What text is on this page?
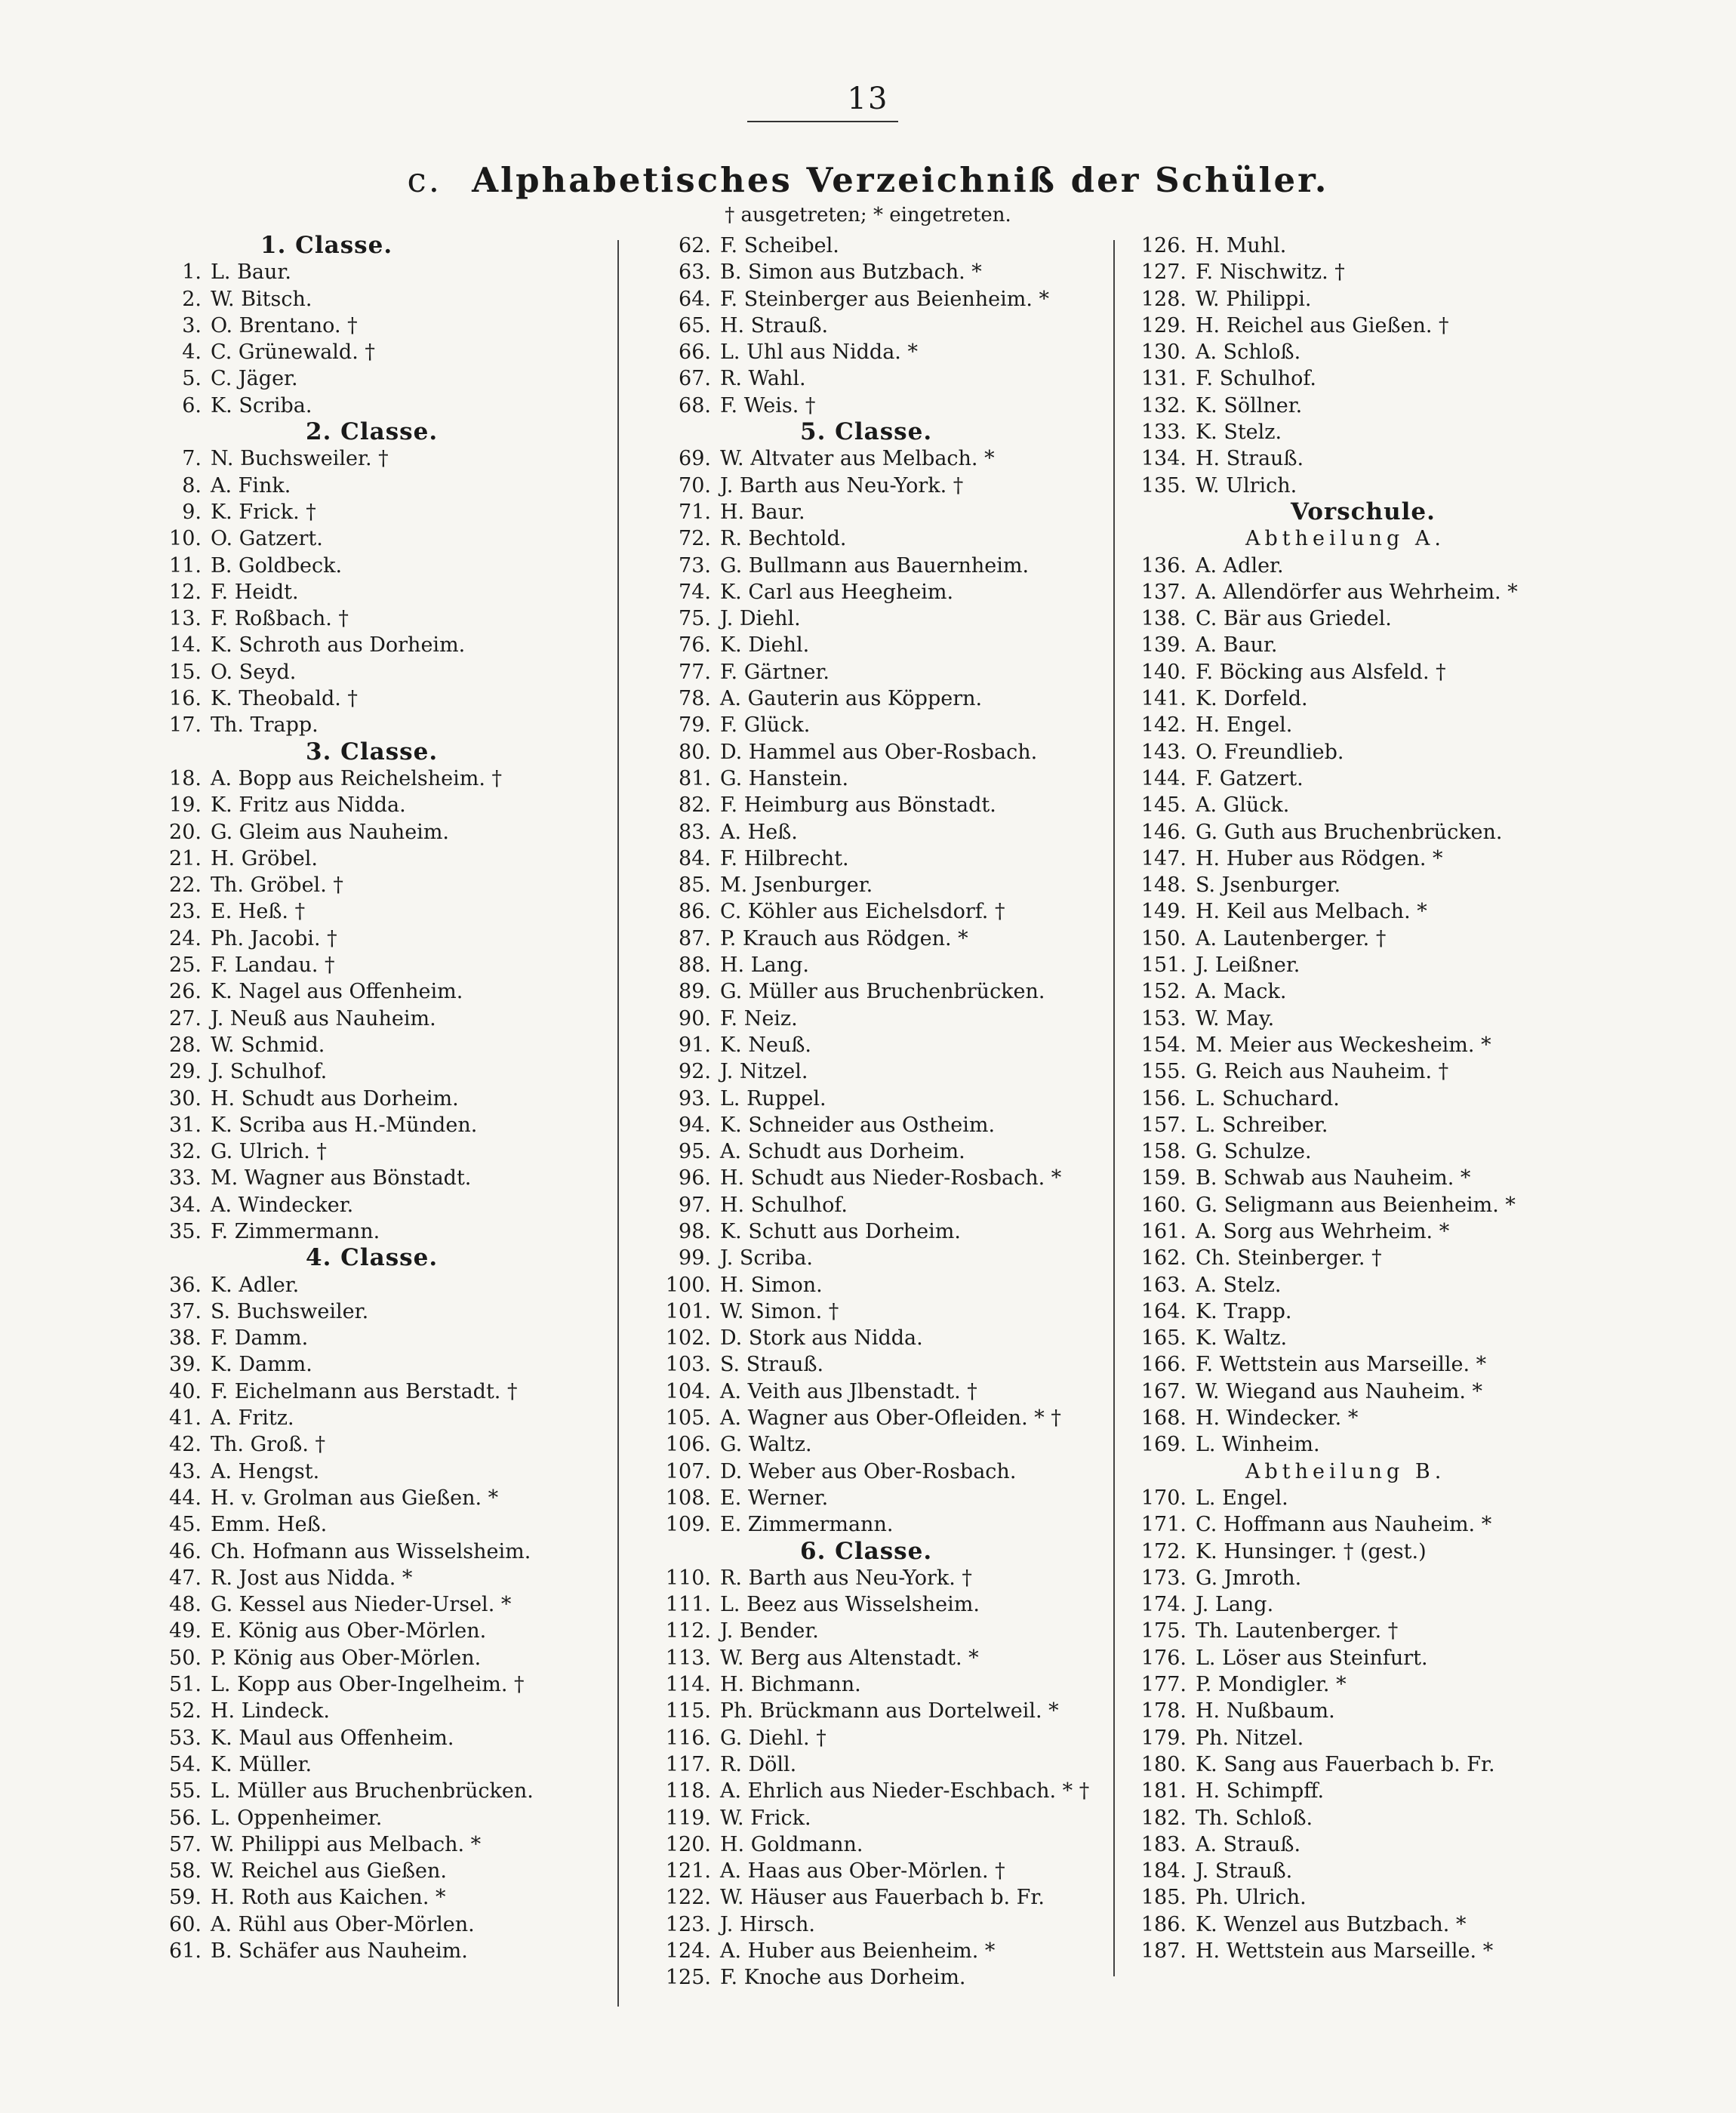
13
c. Alphabetisches Verzeichniß der Schüler.
† ausgetreten; * eingetreten.
1. Classe.
1. L. Baur.
2. W. Bitsch.
3. O. Brentano. †
4. C. Grünewald. †
5. C. Jäger.
6. K. Scriba.
2. Classe.
7. N. Buchsweiler. †
8. A. Fink.
9. K. Frick. †
10. O. Gatzert.
11. B. Goldbeck.
12. F. Heidt.
13. F. Roßbach. †
14. K. Schroth aus Dorheim.
15. O. Seyd.
16. K. Theobald. †
17. Th. Trapp.
3. Classe.
18. A. Bopp aus Reichelsheim. †
19. K. Fritz aus Nidda.
20. G. Gleim aus Nauheim.
21. H. Gröbel.
22. Th. Gröbel. †
23. E. Heß. †
24. Ph. Jacobi. †
25. F. Landau. †
26. K. Nagel aus Offenheim.
27. J. Neuß aus Nauheim.
28. W. Schmid.
29. J. Schulhof.
30. H. Schudt aus Dorheim.
31. K. Scriba aus H.-Münden.
32. G. Ulrich. †
33. M. Wagner aus Bönstadt.
34. A. Windecker.
35. F. Zimmermann.
4. Classe.
36. K. Adler.
37. S. Buchsweiler.
38. F. Damm.
39. K. Damm.
40. F. Eichelmann aus Berstadt. †
41. A. Fritz.
42. Th. Groß. †
43. A. Hengst.
44. H. v. Grolman aus Gießen. *
45. Emm. Heß.
46. Ch. Hofmann aus Wisselsheim.
47. R. Jost aus Nidda. *
48. G. Kessel aus Nieder-Ursel. *
49. E. König aus Ober-Mörlen.
50. P. König aus Ober-Mörlen.
51. L. Kopp aus Ober-Ingelheim. †
52. H. Lindeck.
53. K. Maul aus Offenheim.
54. K. Müller.
55. L. Müller aus Bruchenbrücken.
56. L. Oppenheimer.
57. W. Philippi aus Melbach. *
58. W. Reichel aus Gießen.
59. H. Roth aus Kaichen. *
60. A. Rühl aus Ober-Mörlen.
61. B. Schäfer aus Nauheim.
62. F. Scheibel.
63. B. Simon aus Butzbach. *
64. F. Steinberger aus Beienheim. *
65. H. Strauß.
66. L. Uhl aus Nidda. *
67. R. Wahl.
68. F. Weis. †
5. Classe.
69. W. Altvater aus Melbach. *
70. J. Barth aus Neu-York. †
71. H. Baur.
72. R. Bechtold.
73. G. Bullmann aus Bauernheim.
74. K. Carl aus Heegheim.
75. J. Diehl.
76. K. Diehl.
77. F. Gärtner.
78. A. Gauterin aus Köppern.
79. F. Glück.
80. D. Hammel aus Ober-Rosbach.
81. G. Hanstein.
82. F. Heimburg aus Bönstadt.
83. A. Heß.
84. F. Hilbrecht.
85. M. Jsenburger.
86. C. Köhler aus Eichelsdorf. †
87. P. Krauch aus Rödgen. *
88. H. Lang.
89. G. Müller aus Bruchenbrücken.
90. F. Neiz.
91. K. Neuß.
92. J. Nitzel.
93. L. Ruppel.
94. K. Schneider aus Ostheim.
95. A. Schudt aus Dorheim.
96. H. Schudt aus Nieder-Rosbach. *
97. H. Schulhof.
98. K. Schutt aus Dorheim.
99. J. Scriba.
100. H. Simon.
101. W. Simon. †
102. D. Stork aus Nidda.
103. S. Strauß.
104. A. Veith aus Jlbenstadt. †
105. A. Wagner aus Ober-Ofleiden. * †
106. G. Waltz.
107. D. Weber aus Ober-Rosbach.
108. E. Werner.
109. E. Zimmermann.
6. Classe.
110. R. Barth aus Neu-York. †
111. L. Beez aus Wisselsheim.
112. J. Bender.
113. W. Berg aus Altenstadt. *
114. H. Bichmann.
115. Ph. Brückmann aus Dortelweil. *
116. G. Diehl. †
117. R. Döll.
118. A. Ehrlich aus Nieder-Eschbach. * †
119. W. Frick.
120. H. Goldmann.
121. A. Haas aus Ober-Mörlen. †
122. W. Häuser aus Fauerbach b. Fr.
123. J. Hirsch.
124. A. Huber aus Beienheim. *
125. F. Knoche aus Dorheim.
126. H. Muhl.
127. F. Nischwitz. †
128. W. Philippi.
129. H. Reichel aus Gießen. †
130. A. Schloß.
131. F. Schulhof.
132. K. Söllner.
133. K. Stelz.
134. H. Strauß.
135. W. Ulrich.
Vorschule.
Abtheilung A.
136. A. Adler.
137. A. Allendörfer aus Wehrheim. *
138. C. Bär aus Griedel.
139. A. Baur.
140. F. Böcking aus Alsfeld. †
141. K. Dorfeld.
142. H. Engel.
143. O. Freundlieb.
144. F. Gatzert.
145. A. Glück.
146. G. Guth aus Bruchenbrücken.
147. H. Huber aus Rödgen. *
148. S. Jsenburger.
149. H. Keil aus Melbach. *
150. A. Lautenberger. †
151. J. Leißner.
152. A. Mack.
153. W. May.
154. M. Meier aus Weckesheim. *
155. G. Reich aus Nauheim. †
156. L. Schuchard.
157. L. Schreiber.
158. G. Schulze.
159. B. Schwab aus Nauheim. *
160. G. Seligmann aus Beienheim. *
161. A. Sorg aus Wehrheim. *
162. Ch. Steinberger. †
163. A. Stelz.
164. K. Trapp.
165. K. Waltz.
166. F. Wettstein aus Marseille. *
167. W. Wiegand aus Nauheim. *
168. H. Windecker. *
169. L. Winheim.
Abtheilung B.
170. L. Engel.
171. C. Hoffmann aus Nauheim. *
172. K. Hunsinger. † (gest.)
173. G. Jmroth.
174. J. Lang.
175. Th. Lautenberger. †
176. L. Löser aus Steinfurt.
177. P. Mondigler. *
178. H. Nußbaum.
179. Ph. Nitzel.
180. K. Sang aus Fauerbach b. Fr.
181. H. Schimpff.
182. Th. Schloß.
183. A. Strauß.
184. J. Strauß.
185. Ph. Ulrich.
186. K. Wenzel aus Butzbach. *
187. H. Wettstein aus Marseille. *
